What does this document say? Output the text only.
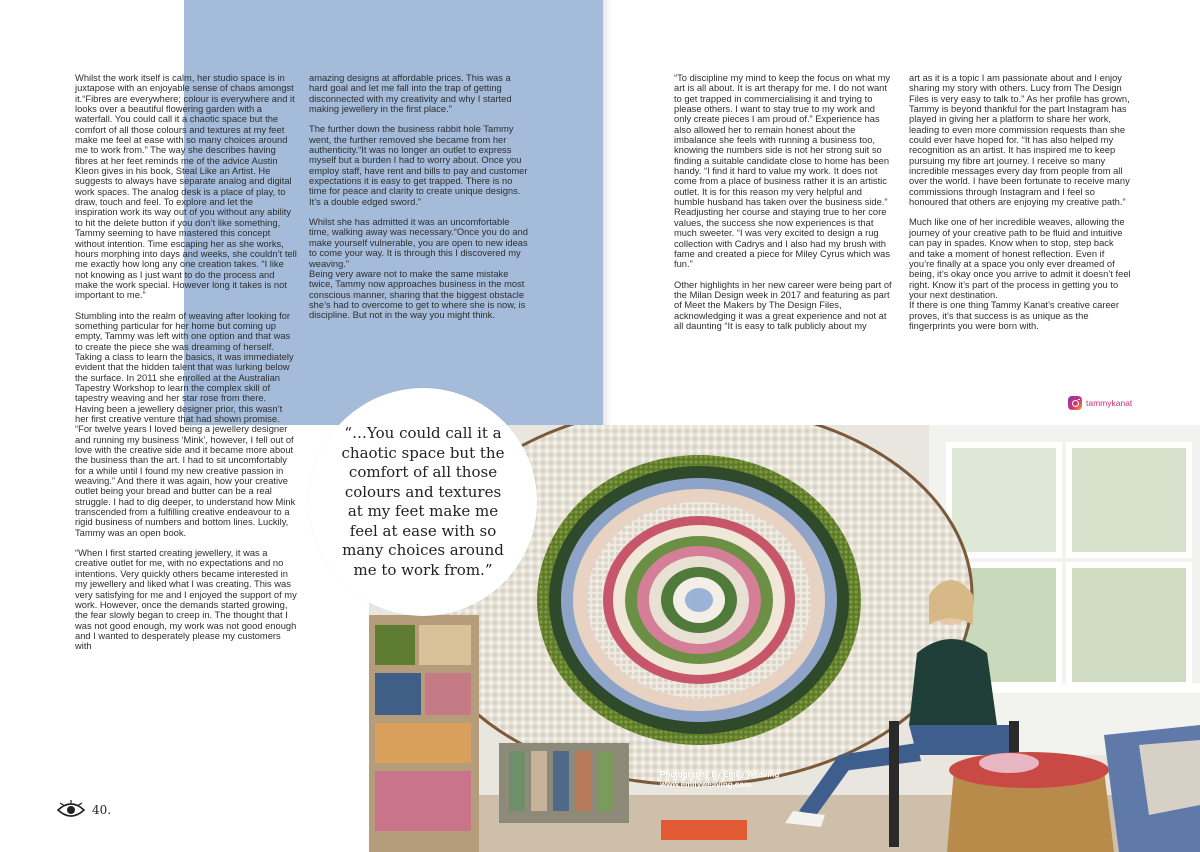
Whilst the work itself is calm, her studio space is in juxtapose with an enjoyable sense of chaos amongst it.“Fibres are everywhere; colour is everywhere and it looks over a beautiful flowering garden with a waterfall. You could call it a chaotic space but the comfort of all those colours and textures at my feet make me feel at ease with so many choices around me to work from.” The way she describes having fibres at her feet reminds me of the advice Austin Kleon gives in his book, Steal Like an Artist. He suggests to always have separate analog and digital work spaces. The analog desk is a place of play, to draw, touch and feel. To explore and let the inspiration work its way out of you without any ability to hit the delete button if you don’t like something, Tammy seeming to have mastered this concept without intention. Time escaping her as she works, hours morphing into days and weeks, she couldn’t tell me exactly how long any one creation takes. “I like not knowing as I just want to do the process and make the work special. However long it takes is not important to me.”

Stumbling into the realm of weaving after looking for something particular for her home but coming up empty, Tammy was left with one option and that was to create the piece she was dreaming of herself. Taking a class to learn the basics, it was immediately evident that the hidden talent that was lurking below the surface. In 2011 she enrolled at the Australian Tapestry Workshop to learn the complex skill of tapestry weaving and her star rose from there. Having been a jewellery designer prior, this wasn’t her first creative venture that had shown promise. “For twelve years I loved being a jewellery designer and running my business ‘Mink’, however, I fell out of love with the creative side and it became more about the business than the art. I had to sit uncomfortably for a while until I found my new creative passion in weaving.” And there it was again, how your creative outlet being your bread and butter can be a real struggle. I had to dig deeper, to understand how Mink transcended from a fulfilling creative endeavour to a rigid business of numbers and bottom lines. Luckily, Tammy was an open book.

“When I first started creating jewellery, it was a creative outlet for me, with no expectations and no intentions. Very quickly others became interested in my jewellery and liked what I was creating. This was very satisfying for me and I enjoyed the support of my work. However, once the demands started growing, the fear slowly began to creep in. The thought that I was not good enough, my work was not good enough and I wanted to desperately please my customers with

amazing designs at affordable prices. This was a hard goal and let me fall into the trap of getting disconnected with my creativity and why I started making jewellery in the first place.”

The further down the business rabbit hole Tammy went, the further removed she became from her authenticity.“It was no longer an outlet to express myself but a burden I had to worry about. Once you employ staff, have rent and bills to pay and customer expectations it is easy to get trapped. There is no time for peace and clarity to create unique designs. It’s a double edged sword.”

Whilst she has admitted it was an uncomfortable time, walking away was necessary.“Once you do and make yourself vulnerable, you are open to new ideas to come your way. It is through this I discovered my weaving.”
Being very aware not to make the same mistake twice, Tammy now approaches business in the most conscious manner, sharing that the biggest obstacle she’s had to overcome to get to where she is now, is discipline. But not in the way you might think.

“To discipline my mind to keep the focus on what my art is all about. It is art therapy for me. I do not want to get trapped in commercialising it and trying to please others. I want to stay true to my work and only create pieces I am proud of.” Experience has also allowed her to remain honest about the imbalance she feels with running a business too, knowing the numbers side is not her strong suit so finding a suitable candidate close to home has been handy. “I find it hard to value my work. It does not come from a place of business rather it is an artistic outlet. It is for this reason my very helpful and humble husband has taken over the business side.”
Readjusting her course and staying true to her core values, the success she now experiences is that much sweeter. “I was very excited to design a rug collection with Cadrys and I also had my brush with fame and created a piece for Miley Cyrus which was fun.”

Other highlights in her new career were being part of the Milan Design week in 2017 and featuring as part of Meet the Makers by The Design Files, acknowledging it was a great experience and not at all daunting “It is easy to talk publicly about my

art as it is a topic I am passionate about and I enjoy sharing my story with others. Lucy from The Design Files is very easy to talk to.” As her profile has grown, Tammy is beyond thankful for the part Instagram has played in giving her a platform to share her work, leading to even more commission requests than she could ever have hoped for. “It has also helped my recognition as an artist. It has inspired me to keep pursuing my fibre art journey. I receive so many incredible messages every day from people from all over the world. I have been fortunate to receive many commissions through Instagram and I feel so honoured that others are enjoying my creative path.”

Much like one of her incredible weaves, allowing the journey of your creative path to be fluid and intuitive can pay in spades. Know when to stop, step back and take a moment of honest reflection. Even if you’re finally at a space you only ever dreamed of being, it’s okay once you arrive to admit it doesn’t feel right. Know it’s part of the process in getting you to your next destination.
If there is one thing Tammy Kanat’s creative career proves, it’s that success is as unique as the fingerprints you were born with.

tammykanat
Photography by Emily Weaving
www.emilyweaving.com
“…You could call it a chaotic space but the comfort of all those colours and textures at my feet make me feel at ease with so many choices around me to work from.”
40.
